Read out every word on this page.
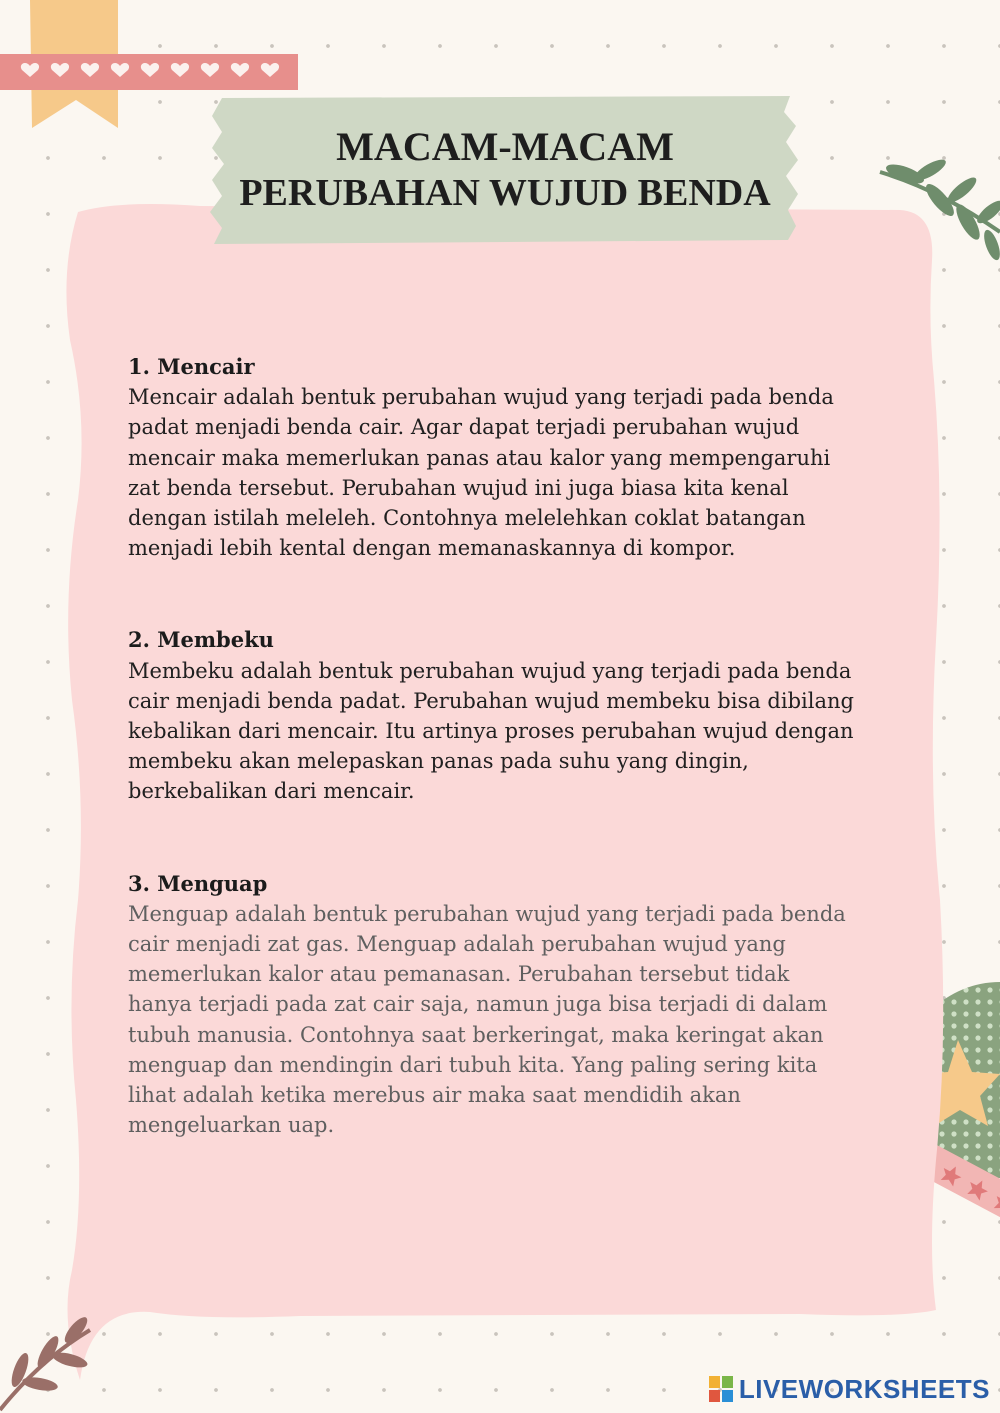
MACAM-MACAM
PERUBAHAN WUJUD BENDA
1. Mencair

Mencair adalah bentuk perubahan wujud yang terjadi pada benda

padat menjadi benda cair. Agar dapat terjadi perubahan wujud

mencair maka memerlukan panas atau kalor yang mempengaruhi

zat benda tersebut. Perubahan wujud ini juga biasa kita kenal

dengan istilah meleleh. Contohnya melelehkan coklat batangan

menjadi lebih kental dengan memanaskannya di kompor.

2. Membeku

Membeku adalah bentuk perubahan wujud yang terjadi pada benda

cair menjadi benda padat. Perubahan wujud membeku bisa dibilang

kebalikan dari mencair. Itu artinya proses perubahan wujud dengan

membeku akan melepaskan panas pada suhu yang dingin,

berkebalikan dari mencair.

3. Menguap

Menguap adalah bentuk perubahan wujud yang terjadi pada benda

cair menjadi zat gas. Menguap adalah perubahan wujud yang

memerlukan kalor atau pemanasan. Perubahan tersebut tidak

hanya terjadi pada zat cair saja, namun juga bisa terjadi di dalam

tubuh manusia. Contohnya saat berkeringat, maka keringat akan

menguap dan mendingin dari tubuh kita. Yang paling sering kita

lihat adalah ketika merebus air maka saat mendidih akan

mengeluarkan uap.

LIVEWORKSHEETS
